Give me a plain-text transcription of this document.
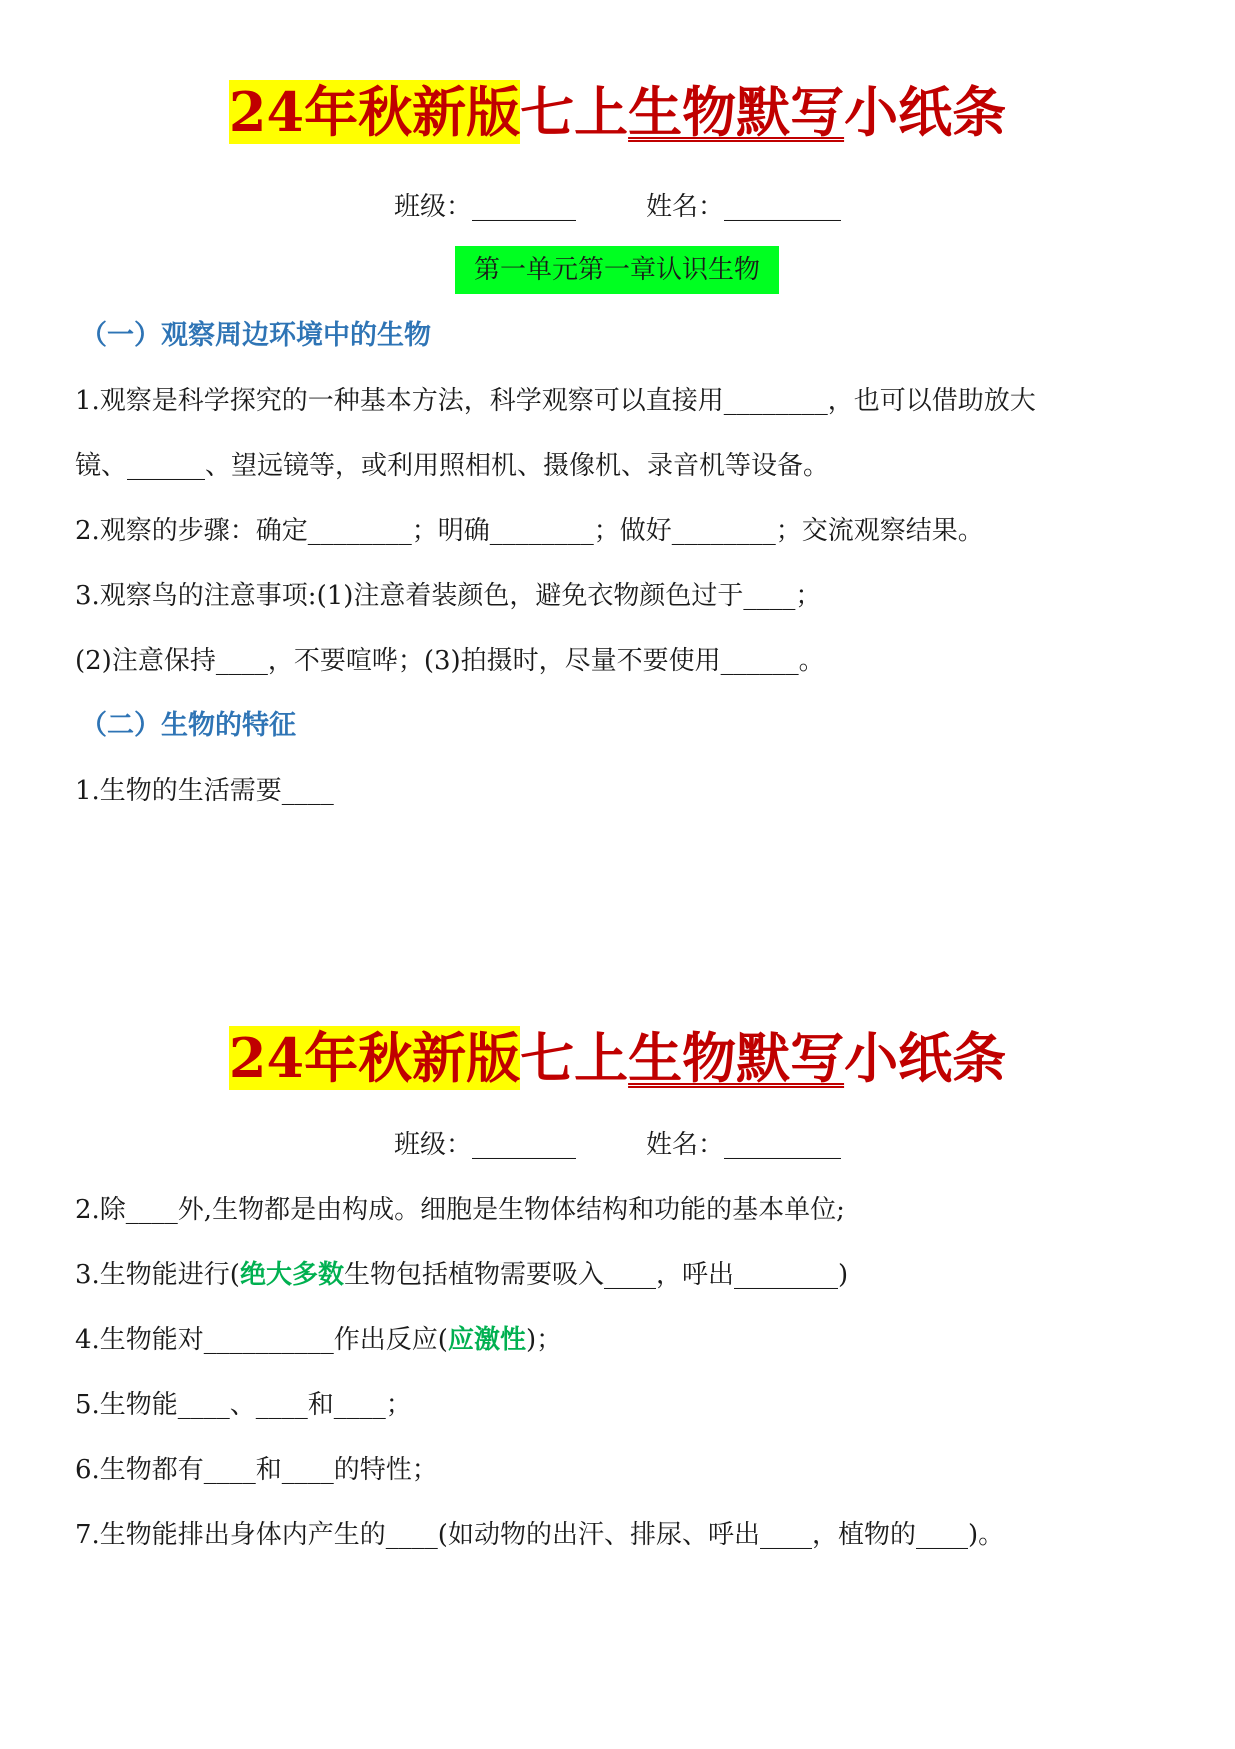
24年秋新版七上生物默写小纸条
班级：________	姓名：_________
第一单元第一章认识生物
（一）观察周边环境中的生物
1.观察是科学探究的一种基本方法，科学观察可以直接用________，也可以借助放大
镜、______、望远镜等，或利用照相机、摄像机、录音机等设备。
2.观察的步骤：确定________；明确________；做好________；交流观察结果。
3.观察鸟的注意事项:(1)注意着装颜色，避免衣物颜色过于____；
(2)注意保持____，不要喧哗；(3)拍摄时，尽量不要使用______。
（二）生物的特征
1.生物的生活需要____
24年秋新版七上生物默写小纸条
班级：________	姓名：_________
2.除____外,生物都是由构成。细胞是生物体结构和功能的基本单位;
3.生物能进行(绝大多数生物包括植物需要吸入____，呼出________)
4.生物能对__________作出反应(应激性)；
5.生物能____、____和____；
6.生物都有____和____的特性；
7.生物能排出身体内产生的____(如动物的出汗、排尿、呼出____，植物的____)。
